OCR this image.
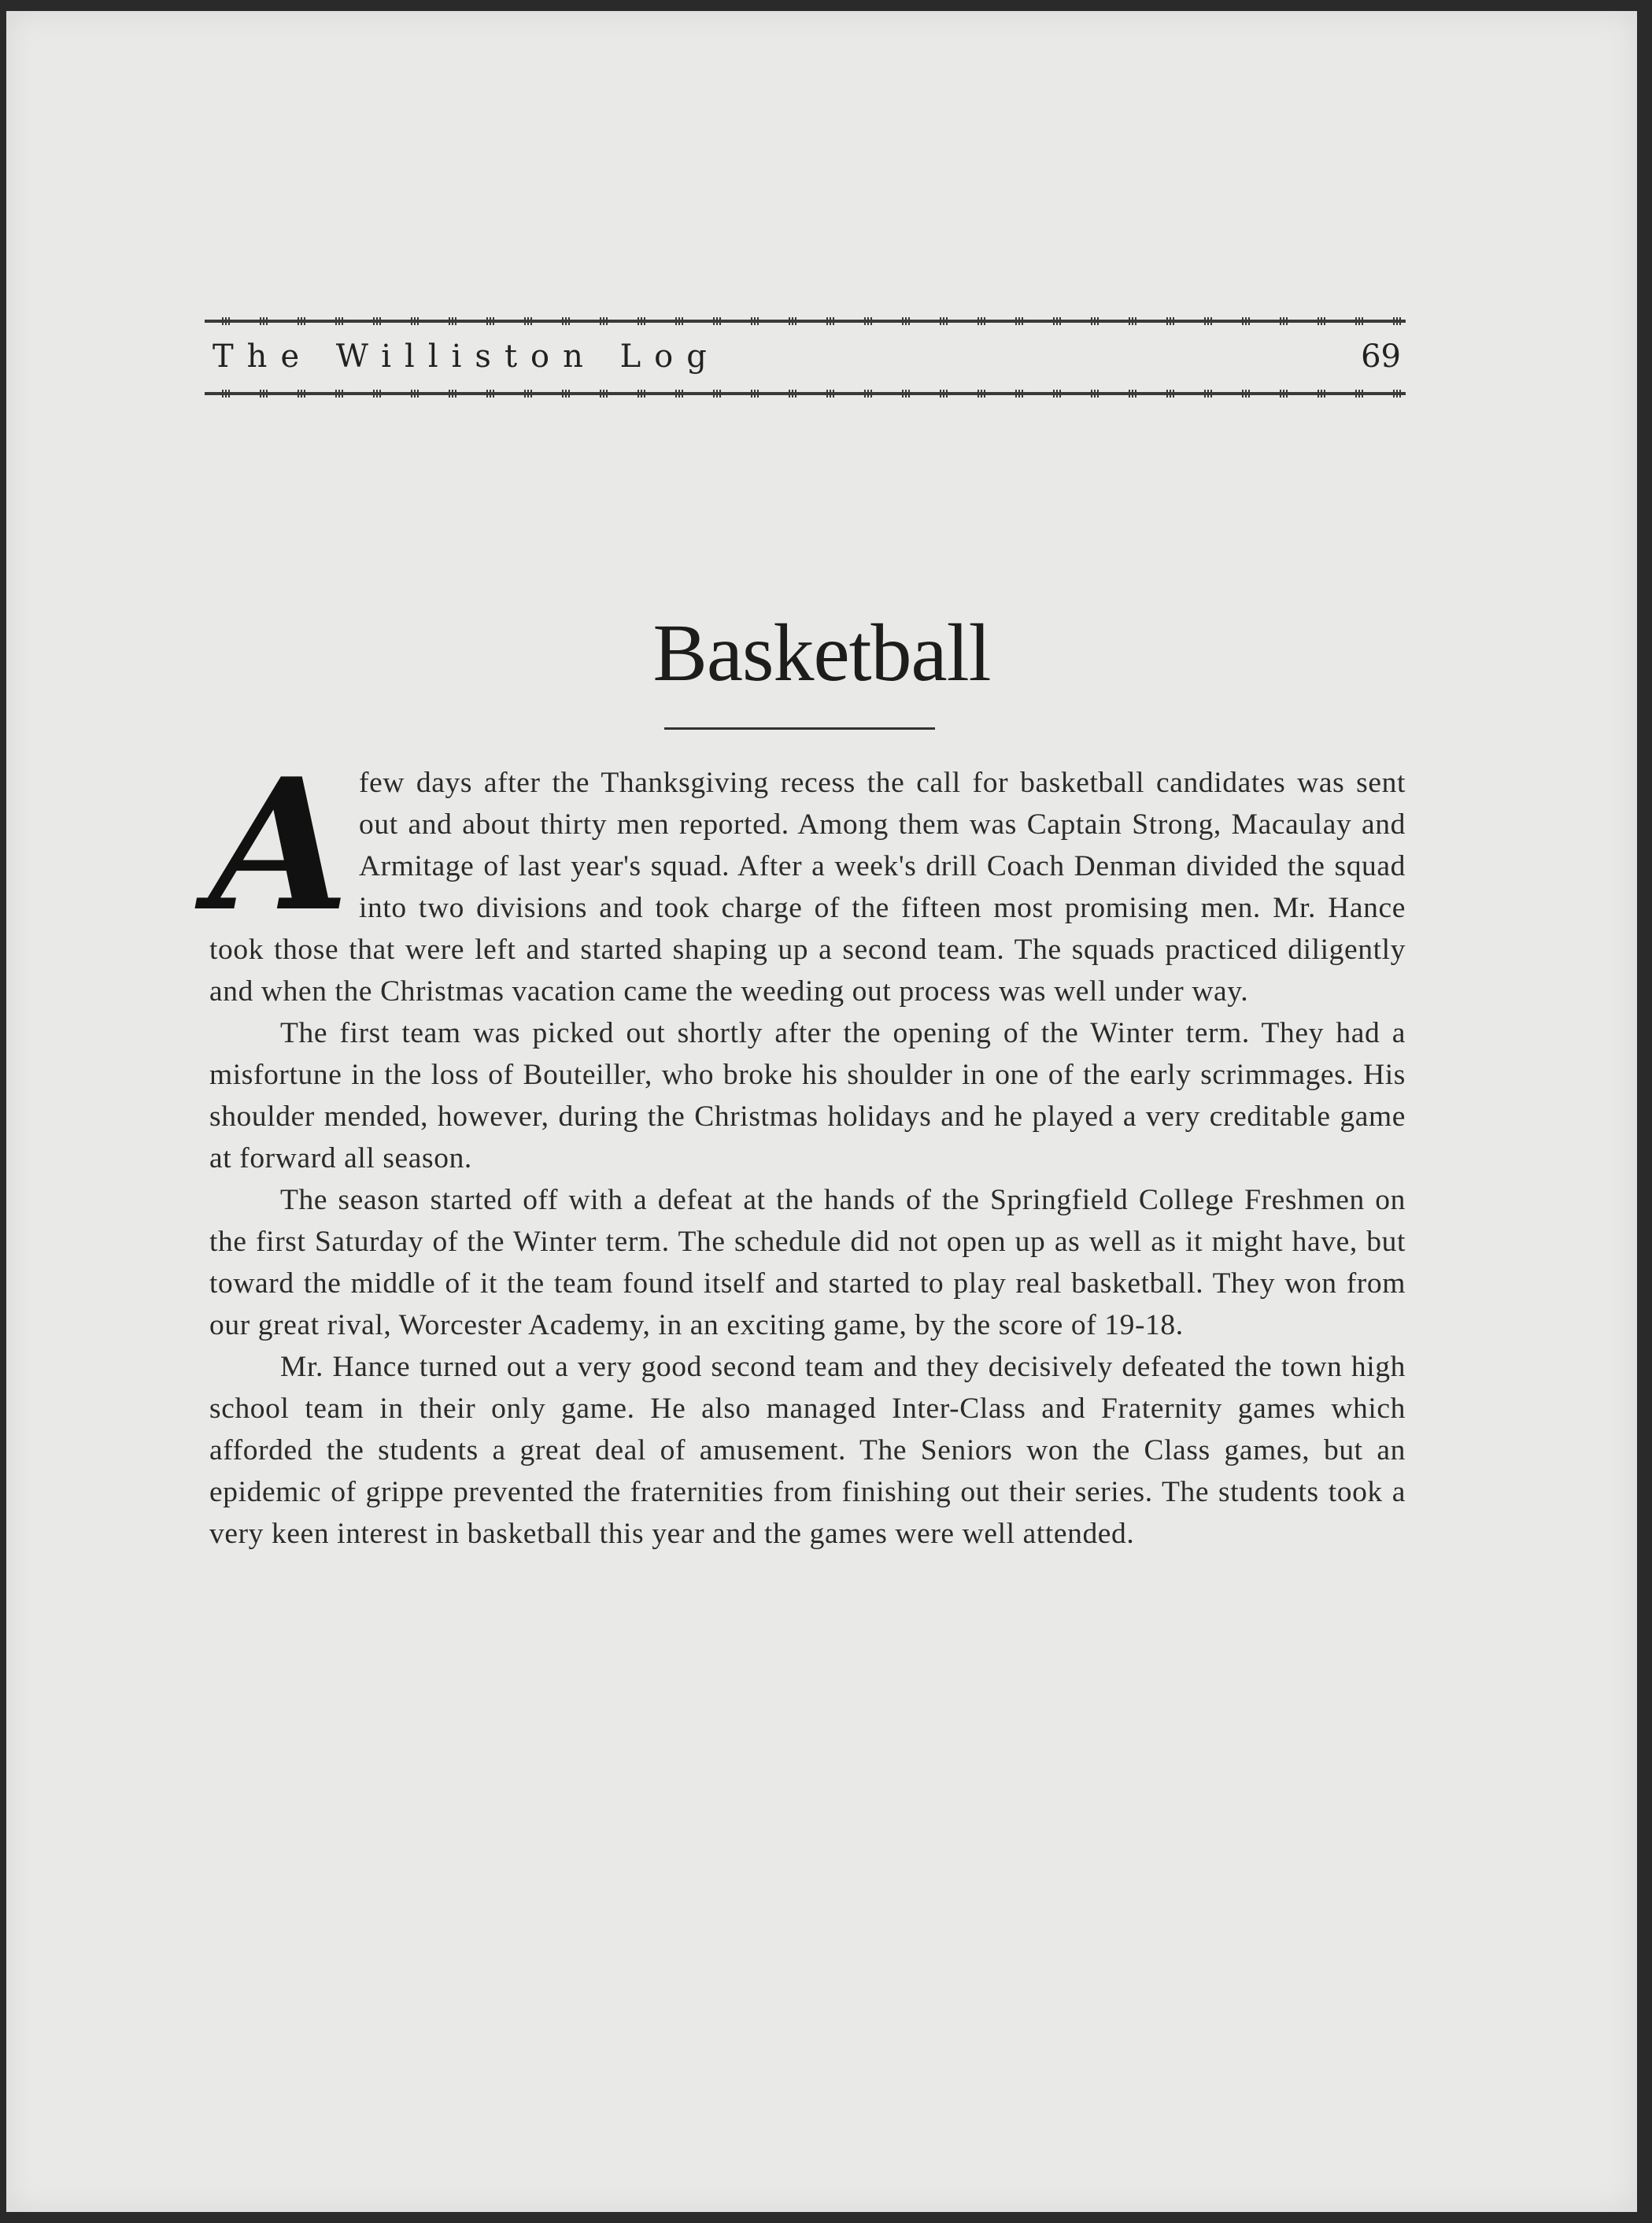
The Williston Log	69
Basketball

Afew days after the Thanksgiving recess the call for basketball candidates was sent out and about thirty men reported. Among them was Captain Strong, Macaulay and Armitage of last year's squad. After a week's drill Coach Denman divided the squad into two divisions and took charge of the fifteen most promising men. Mr. Hance took those that were left and started shaping up a second team. The squads practiced diligently and when the Christmas vacation came the weeding out process was well under way.

The first team was picked out shortly after the opening of the Winter term. They had a misfortune in the loss of Bouteiller, who broke his shoulder in one of the early scrimmages. His shoulder mended, however, during the Christmas holidays and he played a very creditable game at forward all season.

The season started off with a defeat at the hands of the Springfield College Freshmen on the first Saturday of the Winter term. The schedule did not open up as well as it might have, but toward the middle of it the team found itself and started to play real basketball. They won from our great rival, Worcester Academy, in an exciting game, by the score of 19-18.

Mr. Hance turned out a very good second team and they decisively defeated the town high school team in their only game. He also managed Inter-Class and Fraternity games which afforded the students a great deal of amusement. The Seniors won the Class games, but an epidemic of grippe prevented the fraternities from finishing out their series. The students took a very keen interest in basketball this year and the games were well attended.
